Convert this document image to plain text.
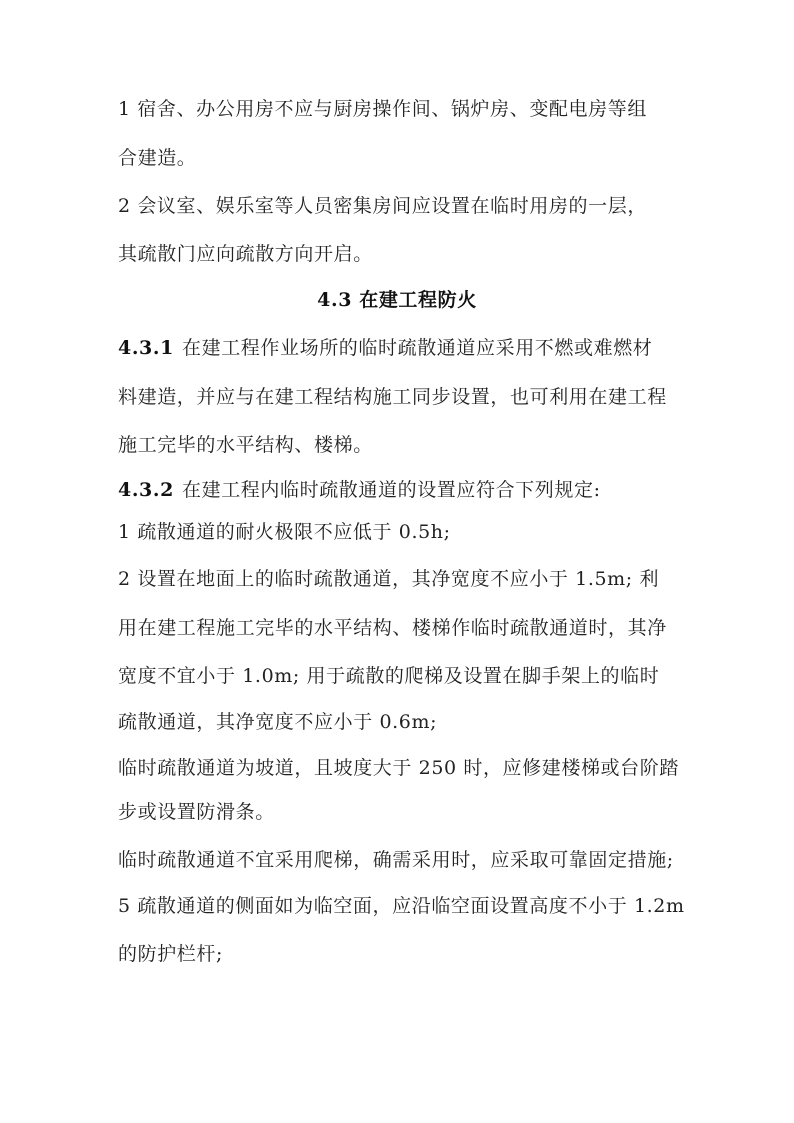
1 宿舍、办公用房不应与厨房操作间、锅炉房、变配电房等组
合建造。
2 会议室、娱乐室等人员密集房间应设置在临时用房的一层，
其疏散门应向疏散方向开启。
4.3 在建工程防火
4.3.1 在建工程作业场所的临时疏散通道应采用不燃或难燃材
料建造，并应与在建工程结构施工同步设置，也可利用在建工程
施工完毕的水平结构、楼梯。
4.3.2 在建工程内临时疏散通道的设置应符合下列规定:
1 疏散通道的耐火极限不应低于 0.5h;
2 设置在地面上的临时疏散通道，其净宽度不应小于 1.5m; 利
用在建工程施工完毕的水平结构、楼梯作临时疏散通道时，其净
宽度不宜小于 1.0m; 用于疏散的爬梯及设置在脚手架上的临时
疏散通道，其净宽度不应小于 0.6m;
临时疏散通道为坡道，且坡度大于 250 时，应修建楼梯或台阶踏
步或设置防滑条。
临时疏散通道不宜采用爬梯，确需采用时，应采取可靠固定措施;
5 疏散通道的侧面如为临空面，应沿临空面设置高度不小于 1.2m
的防护栏杆;
